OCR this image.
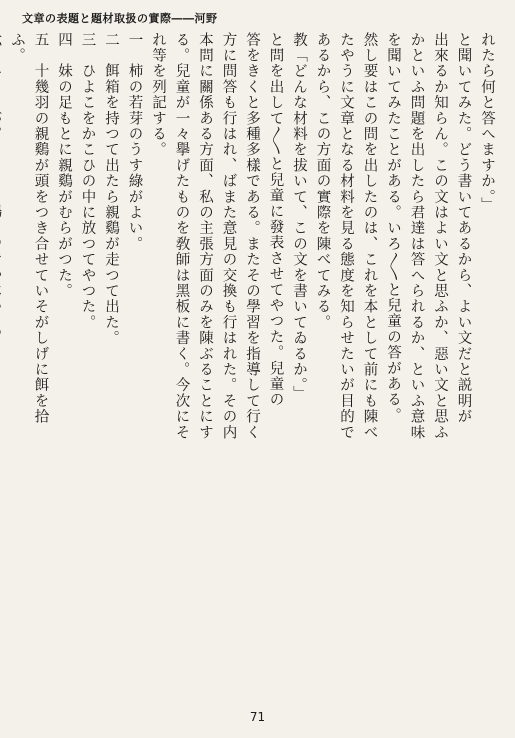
文章の表題と題材取扱の實際――河野
れたら何と答へますか。」
と聞いてみた。どう書いてあるから、よい文だと説明が
出來るか知らん。この文はよい文と思ふか、惡い文と思ふ
かといふ問題を出したら君達は答へられるか、といふ意味
を聞いてみたことがある。いろ〳〵と兒童の答がある。
然し要はこの問を出したのは、これを本として前にも陳べ
たやうに文章となる材料を見る態度を知らせたいが目的で
あるから、この方面の實際を陳べてみる。
教「どんな材料を拔いて、この文を書いてゐるか。」
と問を出して〳〵と兒童に發表させてやつた。兒童の
答をきくと多種多樣である。またその學習を指導して行く
方に問答も行はれ、ばまた意見の交換も行はれた。その内
本問に關係ある方面、私の主張方面のみを陳ぶることにす
る。兒童が一々擧げたものを敎師は黑板に書く。今次にそ
れ等を列記する。
一　柿の若芽のうす綠がよい。
二　餌箱を持つて出たら親鷄が走つて出た。
三　ひよこをかこひの中に放つてやつた。
四　妹の足もとに親鷄がむらがつた。
五　十幾羽の親鷄が頭をつき合せていそがしげに餌を拾
ふ。
71
